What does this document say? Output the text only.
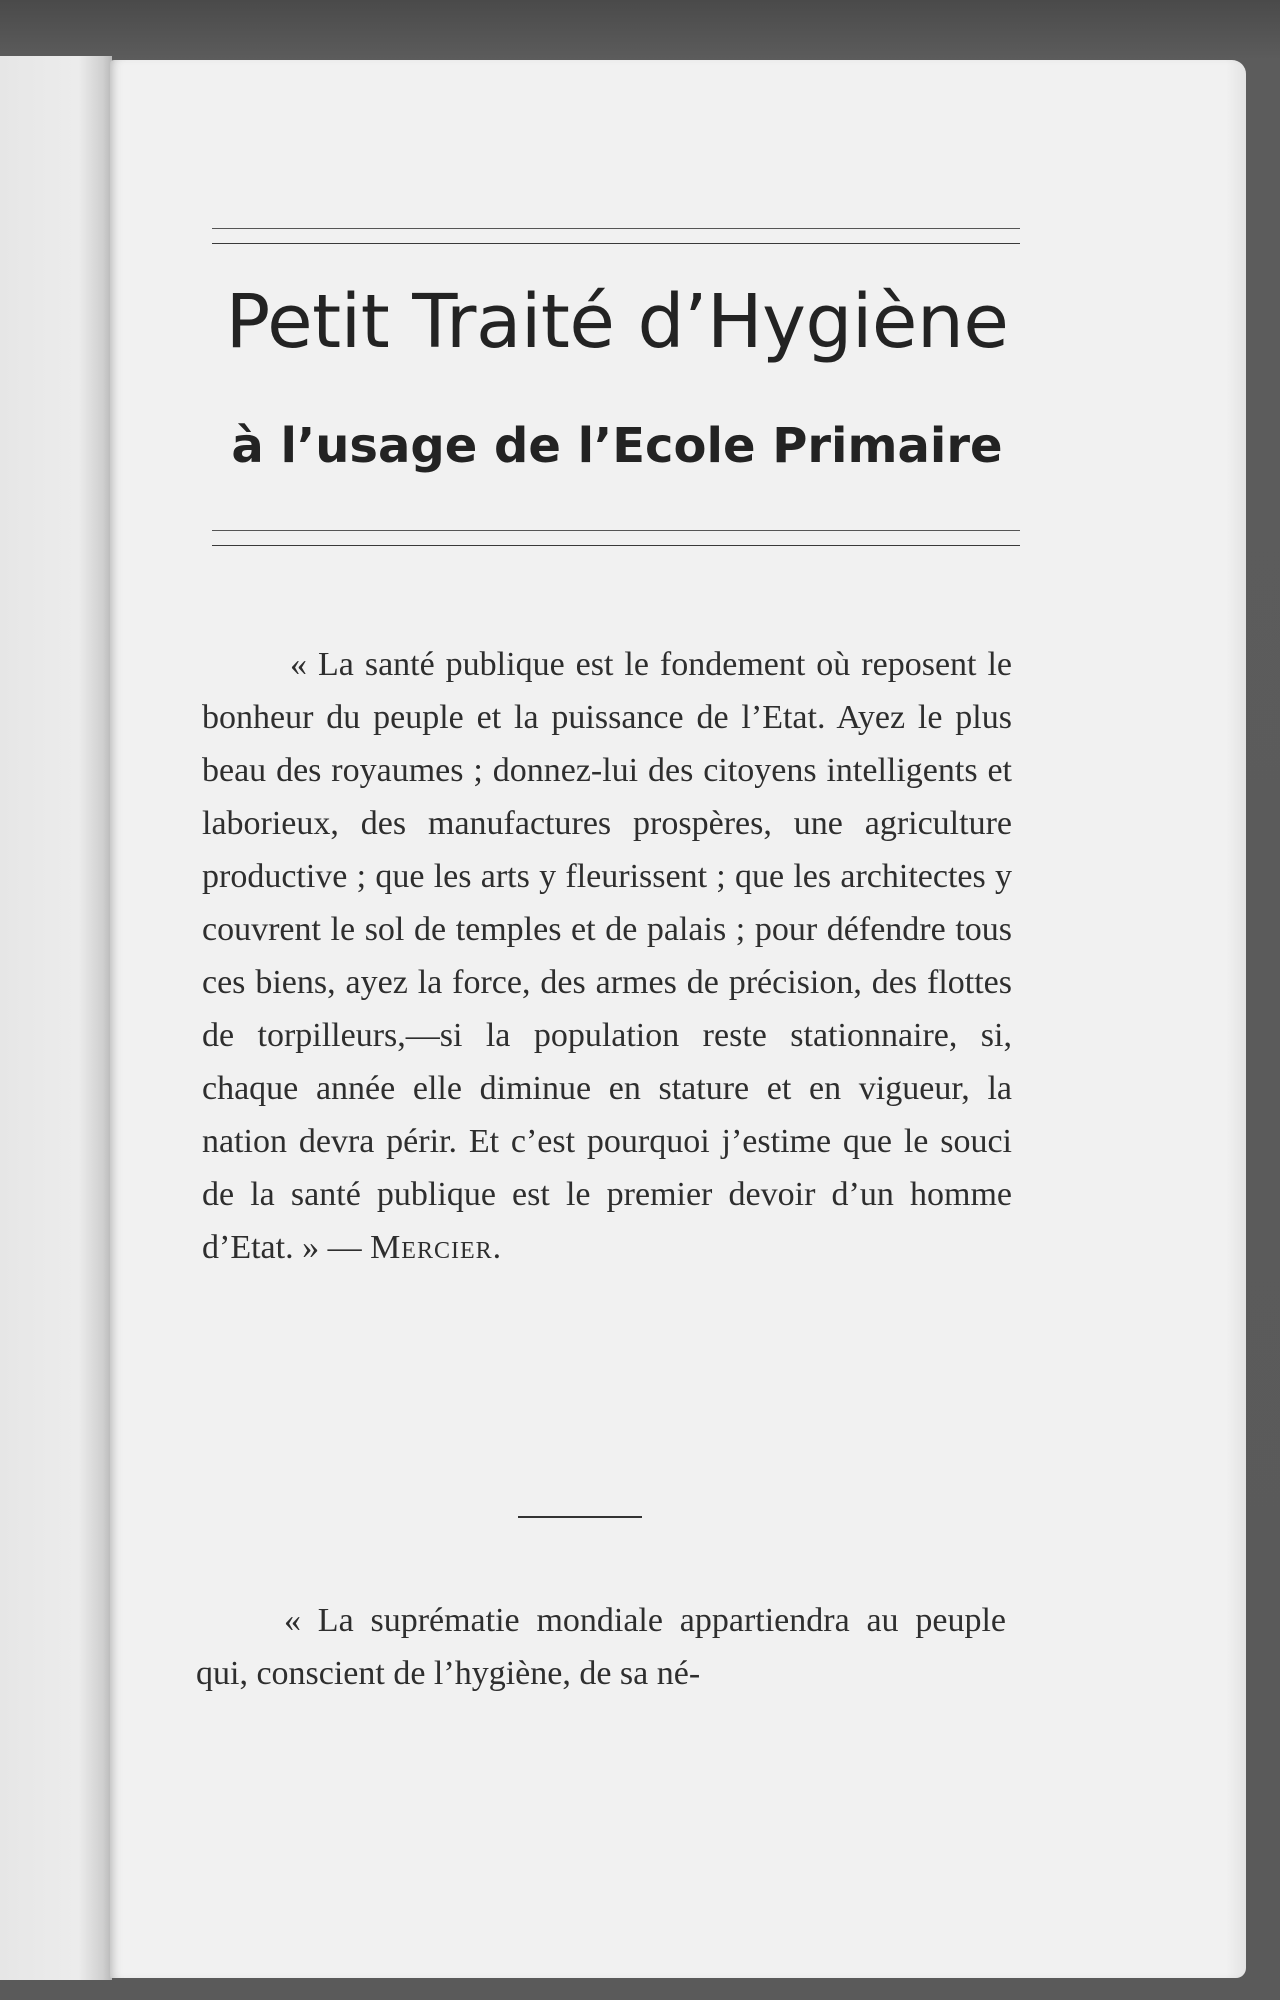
Petit Traité d’Hygiène
à l’usage de l’Ecole Primaire

« La santé publique est le fondement où reposent le bonheur du peuple et la puissance de l’Etat. Ayez le plus beau des royaumes ; donnez-lui des citoyens intelligents et laborieux, des manufactures prospères, une agriculture productive ; que les arts y fleurissent ; que les architectes y couvrent le sol de temples et de palais ; pour défendre tous ces biens, ayez la force, des armes de précision, des flottes de torpilleurs,—si la population reste stationnaire, si, chaque année elle diminue en stature et en vigueur, la nation devra périr. Et c’est pourquoi j’estime que le souci de la santé publique est le premier devoir d’un homme d’Etat. » — Mercier.

« La suprématie mondiale appartiendra au peuple qui, conscient de l’hygiène, de sa né-
